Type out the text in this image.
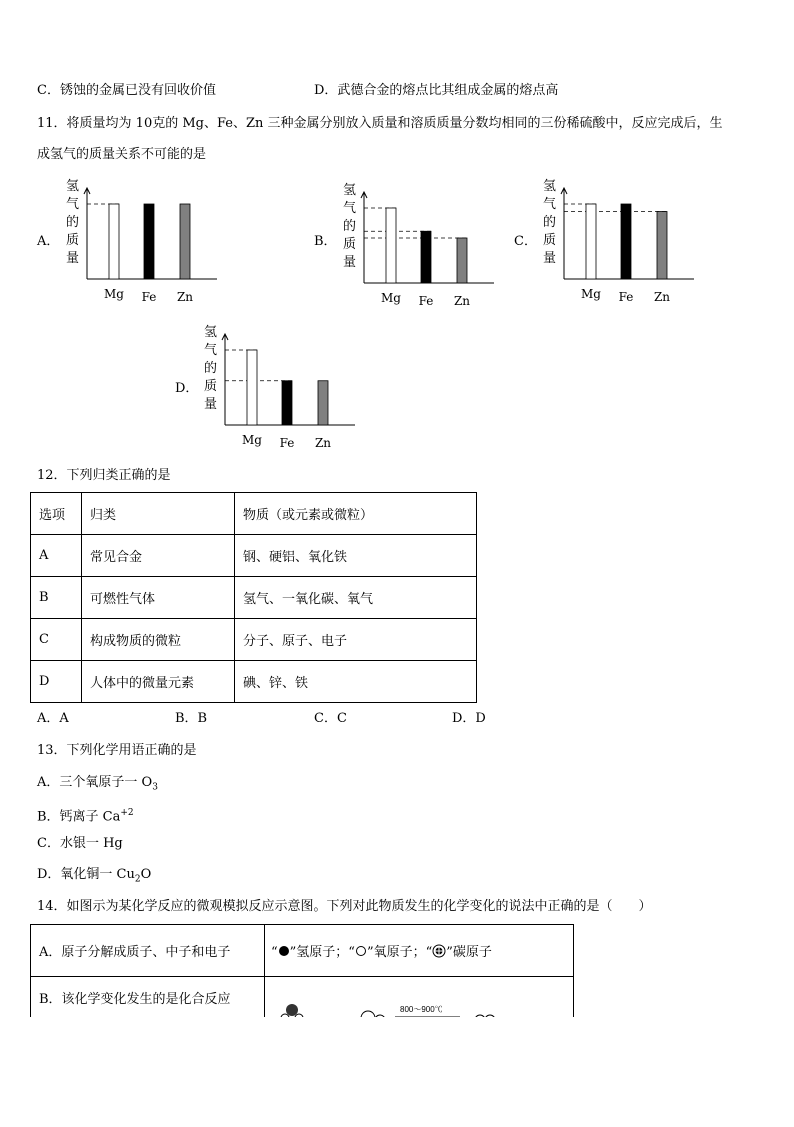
C．锈蚀的金属已没有回收价值	D．武德合金的熔点比其组成金属的熔点高
11．将质量均为 10克的 Mg、Fe、Zn 三种金属分别放入质量和溶质质量分数均相同的三份稀硫酸中，反应完成后，生
成氢气的质量关系不可能的是
A．	B．	C．
D．
氢
气
的
质
量
Mg Fe Zn
氢
气
的
质
量
Mg Fe Zn
氢
气
的
质
量
Mg Fe Zn
氢
气
的
质
量
Mg Fe Zn
12．下列归类正确的是
选项	归类	物质（或元素或微粒）
A	常见合金	钢、硬铝、氧化铁
B	可燃性气体	氢气、一氧化碳、氧气
C	构成物质的微粒	分子、原子、电子
D	人体中的微量元素	碘、锌、铁
A．A	B．B	C．C	D．D
13．下列化学用语正确的是
A．三个氧原子一 $O_3$
B．钙离子 $Ca^{+2}$
C．水银一 Hg
D．氧化铜一 $Cu_2O$
14．如图示为某化学反应的微观模拟反应示意图。下列对此物质发生的化学变化的说法中正确的是（　　）
A．原子分解成质子、中子和电子	“ ”氢原子；“ ”氧原子；“ ”碳原子
B．该化学变化发生的是化合反应	800～900℃
